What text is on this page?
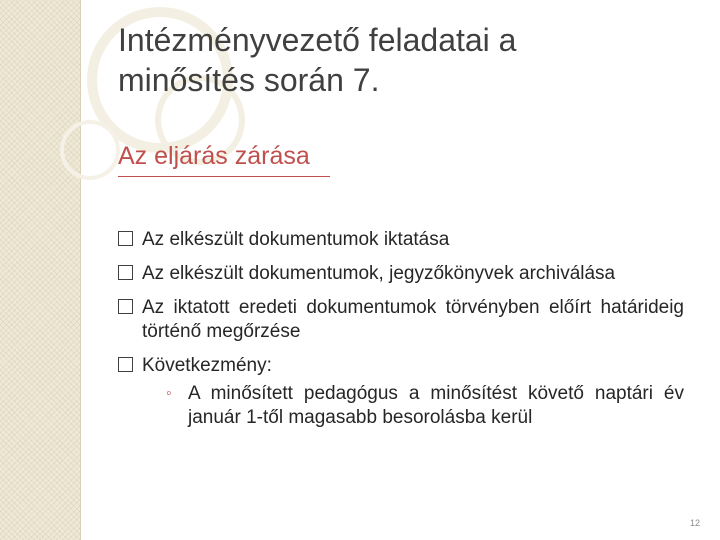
Intézményvezető feladatai a
minősítés során 7.
Az eljárás zárása
Az elkészült dokumentumok iktatása
Az elkészült dokumentumok, jegyzőkönyvek archiválása
Az iktatott eredeti dokumentumok törvényben előírt határideig történő megőrzése
Következmény:
◦ A minősített pedagógus a minősítést követő naptári év január 1-től magasabb besorolásba kerül
12
